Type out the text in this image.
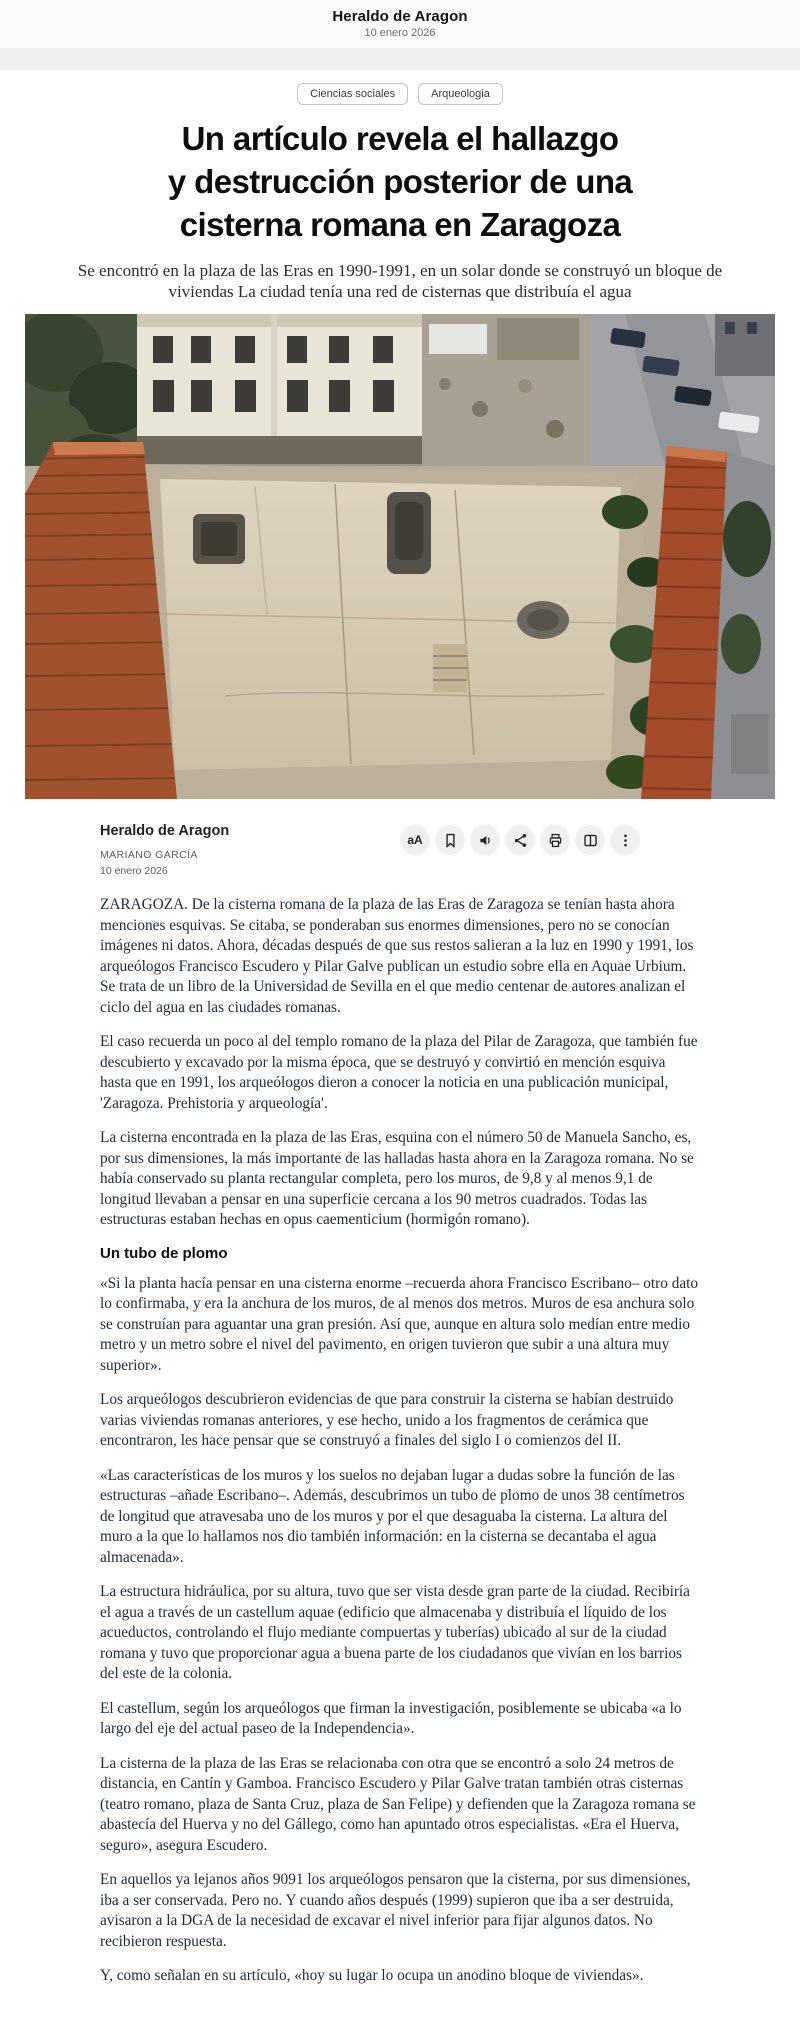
Heraldo de Aragon
10 enero 2026
Ciencias sociales	Arqueologia
Un artículo revela el hallazgo
y destrucción posterior de una
cisterna romana en Zaragoza

Se encontró en la plaza de las Eras en 1990-1991, en un solar donde se construyó un bloque de viviendas La ciudad tenía una red de cisternas que distribuía el agua

Heraldo de Aragon
MARIANO GARCÍA
10 enero 2026
aA

ZARAGOZA. De la cisterna romana de la plaza de las Eras de Zaragoza se tenían hasta ahora menciones esquivas. Se citaba, se ponderaban sus enormes dimensiones, pero no se conocían imágenes ni datos. Ahora, décadas después de que sus restos salieran a la luz en 1990 y 1991, los arqueólogos Francisco Escudero y Pilar Galve publican un estudio sobre ella en Aquae Urbium. Se trata de un libro de la Universidad de Sevilla en el que medio centenar de autores analizan el ciclo del agua en las ciudades romanas.

El caso recuerda un poco al del templo romano de la plaza del Pilar de Zaragoza, que también fue descubierto y excavado por la misma época, que se destruyó y convirtió en mención esquiva hasta que en 1991, los arqueólogos dieron a conocer la noticia en una publicación municipal, 'Zaragoza. Prehistoria y arqueología'.

La cisterna encontrada en la plaza de las Eras, esquina con el número 50 de Manuela Sancho, es, por sus dimensiones, la más importante de las halladas hasta ahora en la Zaragoza romana. No se había conservado su planta rectangular completa, pero los muros, de 9,8 y al menos 9,1 de longitud llevaban a pensar en una superficie cercana a los 90 metros cuadrados. Todas las estructuras estaban hechas en opus caementicium (hormigón romano).

Un tubo de plomo

«Si la planta hacía pensar en una cisterna enorme –recuerda ahora Francisco Escribano– otro dato lo confirmaba, y era la anchura de los muros, de al menos dos metros. Muros de esa anchura solo se construían para aguantar una gran presión. Así que, aunque en altura solo medían entre medio metro y un metro sobre el nivel del pavimento, en origen tuvieron que subir a una altura muy superior».

Los arqueólogos descubrieron evidencias de que para construir la cisterna se habían destruido varias viviendas romanas anteriores, y ese hecho, unido a los fragmentos de cerámica que encontraron, les hace pensar que se construyó a finales del siglo I o comienzos del II.

«Las características de los muros y los suelos no dejaban lugar a dudas sobre la función de las estructuras –añade Escribano–. Además, descubrimos un tubo de plomo de unos 38 centímetros de longitud que atravesaba uno de los muros y por el que desaguaba la cisterna. La altura del muro a la que lo hallamos nos dio también información: en la cisterna se decantaba el agua almacenada».

La estructura hidráulica, por su altura, tuvo que ser vista desde gran parte de la ciudad. Recibiría el agua a través de un castellum aquae (edificio que almacenaba y distribuía el líquido de los acueductos, controlando el flujo mediante compuertas y tuberías) ubicado al sur de la ciudad romana y tuvo que proporcionar agua a buena parte de los ciudadanos que vivían en los barrios del este de la colonia.

El castellum, según los arqueólogos que firman la investigación, posiblemente se ubicaba «a lo largo del eje del actual paseo de la Independencia».

La cisterna de la plaza de las Eras se relacionaba con otra que se encontró a solo 24 metros de distancia, en Cantín y Gamboa. Francisco Escudero y Pilar Galve tratan también otras cisternas (teatro romano, plaza de Santa Cruz, plaza de San Felipe) y defienden que la Zaragoza romana se abastecía del Huerva y no del Gállego, como han apuntado otros especialistas. «Era el Huerva, seguro», asegura Escudero.

En aquellos ya lejanos años 9091 los arqueólogos pensaron que la cisterna, por sus dimensiones, iba a ser conservada. Pero no. Y cuando años después (1999) supieron que iba a ser destruida, avisaron a la DGA de la necesidad de excavar el nivel inferior para fijar algunos datos. No recibieron respuesta.

Y, como señalan en su artículo, «hoy su lugar lo ocupa un anodino bloque de viviendas».
